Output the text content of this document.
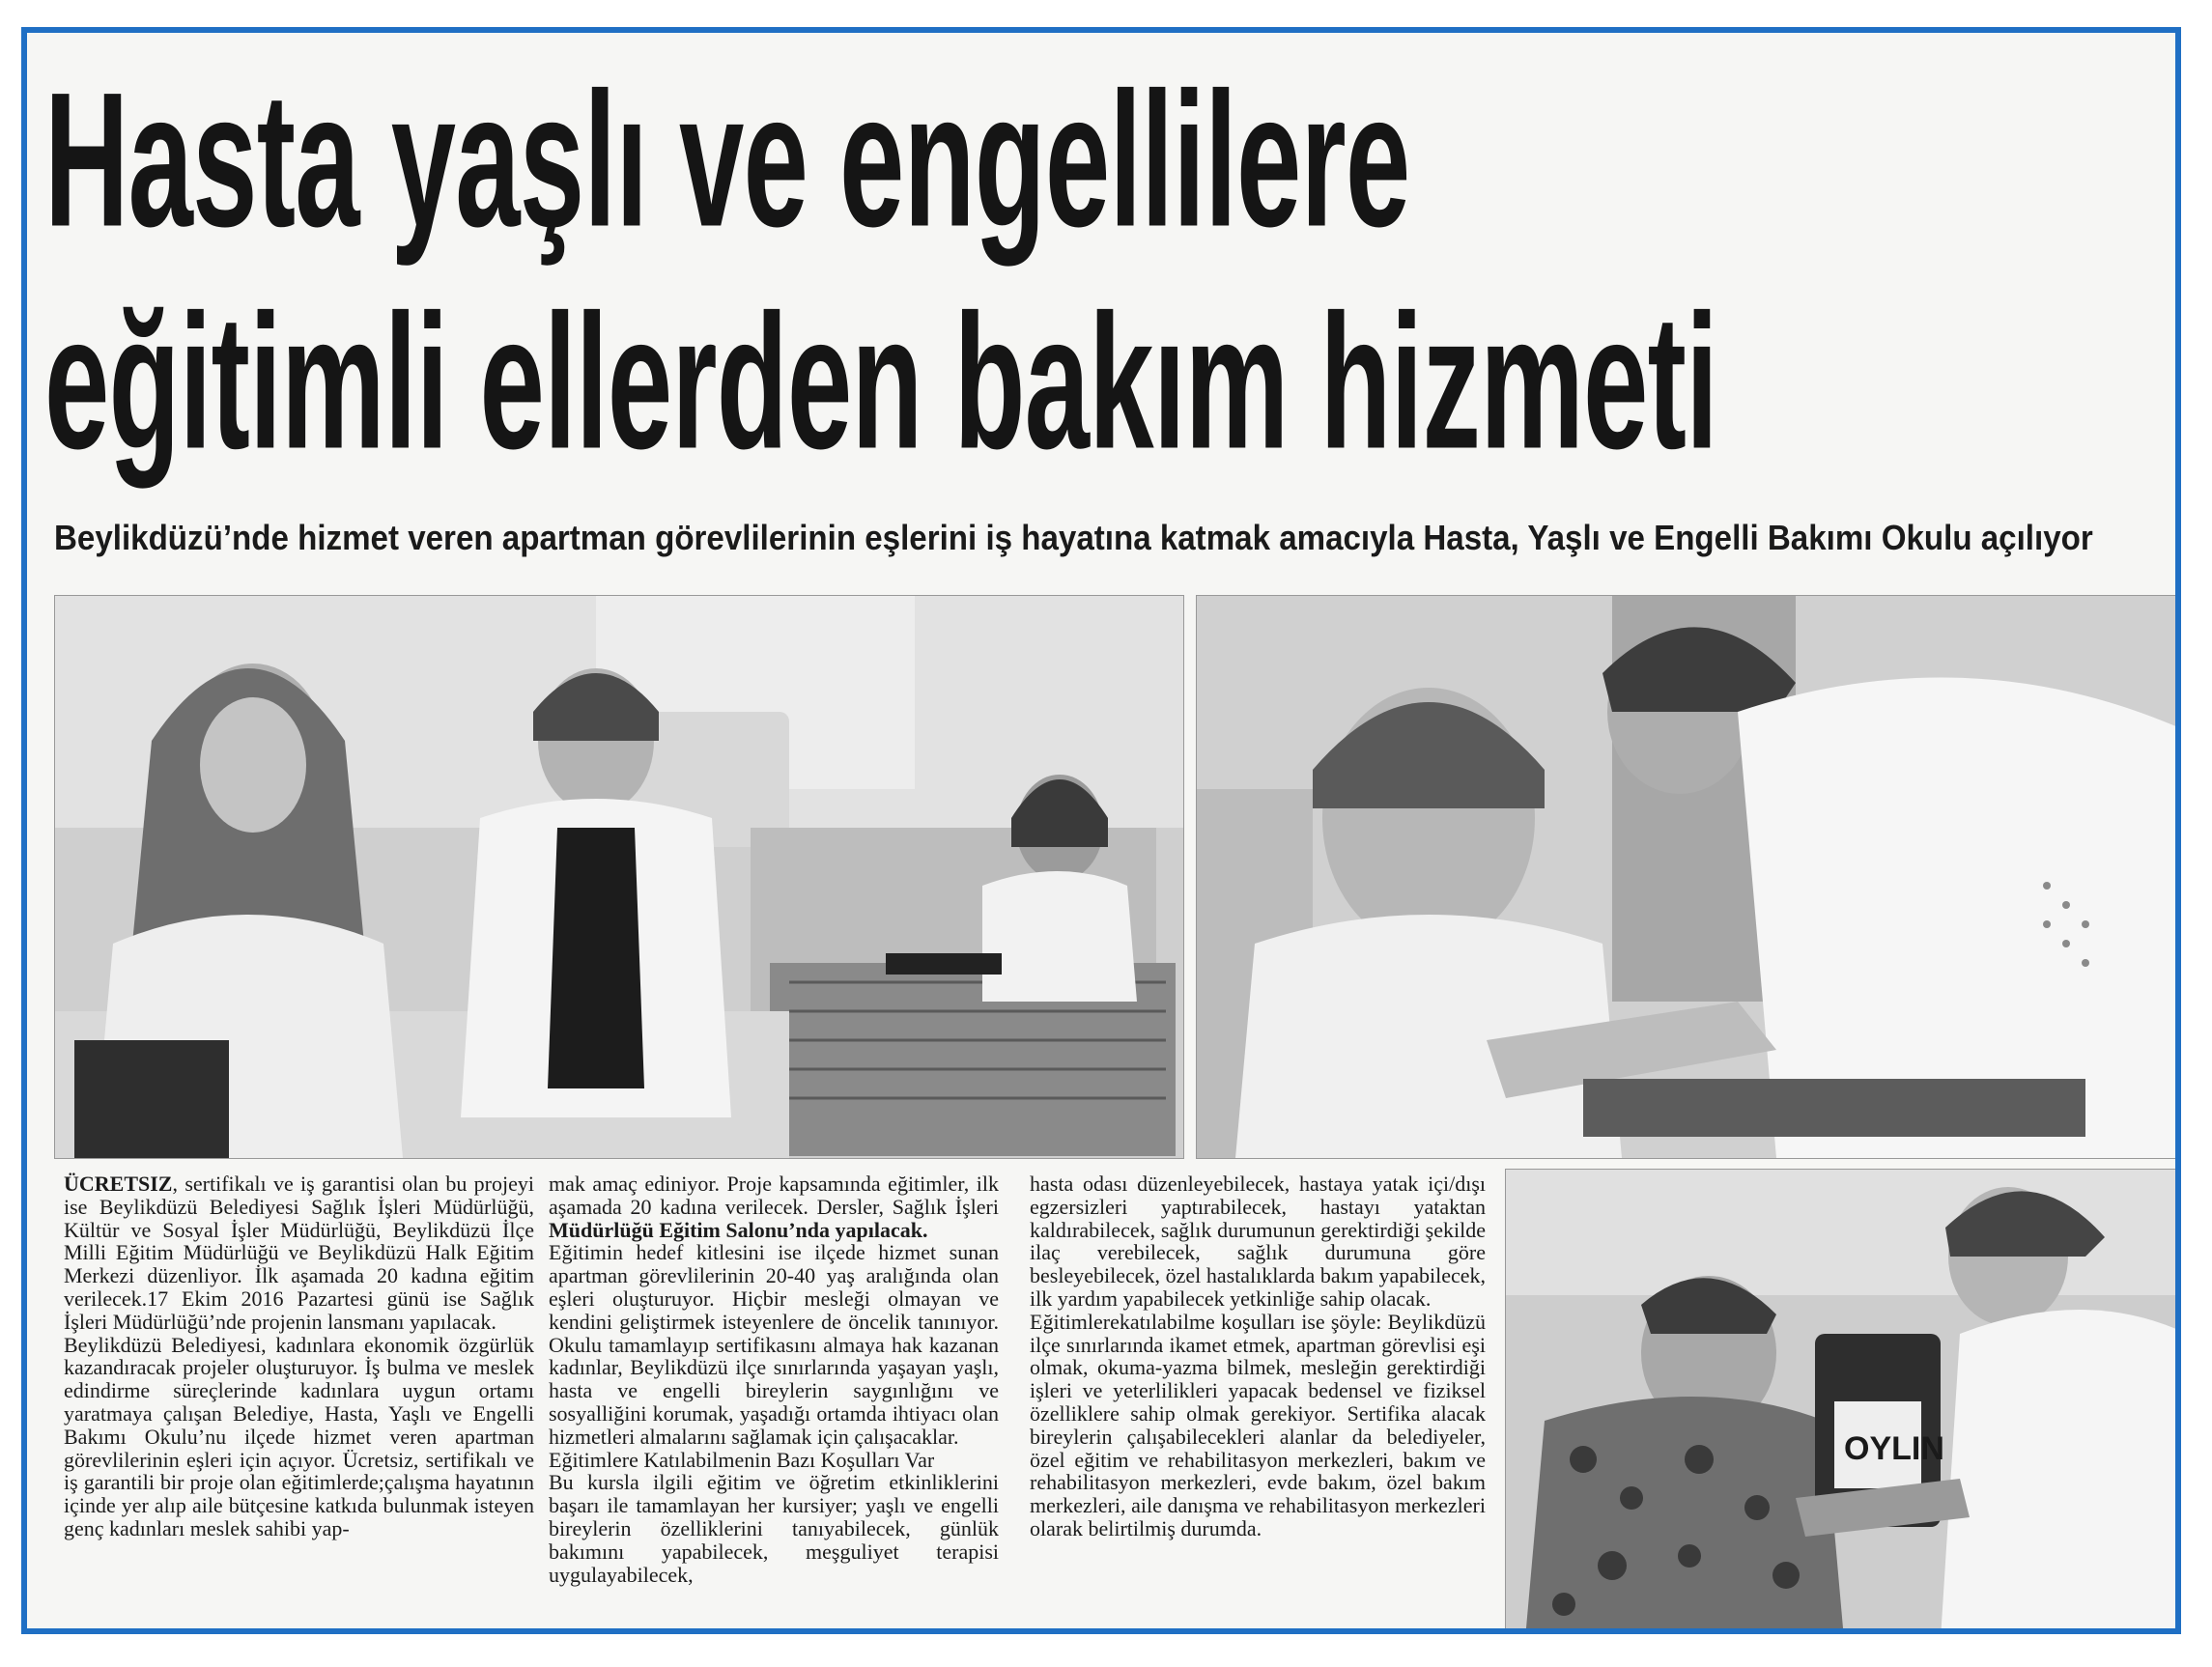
Hasta yaşlı ve engellilere
eğitimli ellerden bakım hizmeti
Beylikdüzü’nde hizmet veren apartman görevlilerinin eşlerini iş hayatına katmak amacıyla Hasta, Yaşlı ve Engelli Bakımı Okulu açılıyor
OYLIN

ÜCRETSIZ, sertifikalı ve iş garantisi olan bu projeyi ise Beylikdüzü Belediyesi Sağlık İşleri Müdürlüğü, Kültür ve Sosyal İşler Müdürlüğü, Beylikdüzü İlçe Milli Eğitim Müdürlüğü ve Beylikdüzü Halk Eğitim Merkezi düzenliyor. İlk aşamada 20 kadına eğitim verilecek.17 Ekim 2016 Pazartesi günü ise Sağlık İşleri Müdürlüğü’nde projenin lansmanı yapılacak.

Beylikdüzü Belediyesi, kadınlara ekonomik özgürlük kazandıracak projeler oluşturuyor. İş bulma ve meslek edindirme süreçlerinde kadınlara uygun ortamı yaratmaya çalışan Belediye, Hasta, Yaşlı ve Engelli Bakımı Okulu’nu ilçede hizmet veren apartman görevlilerinin eşleri için açıyor. Ücretsiz, sertifikalı ve iş garantili bir proje olan eğitimlerde;çalışma hayatının içinde yer alıp aile bütçesine katkıda bulunmak isteyen genç kadınları meslek sahibi yap-

mak amaç ediniyor. Proje kapsamında eğitimler, ilk aşamada 20 kadına verilecek. Dersler, Sağlık İşleri Müdürlüğü Eğitim Salonu’nda yapılacak.

Eğitimin hedef kitlesini ise ilçede hizmet sunan apartman görevlilerinin 20-40 yaş aralığında olan eşleri oluşturuyor. Hiçbir mesleği olmayan ve kendini geliştirmek isteyenlere de öncelik tanınıyor. Okulu tamamlayıp sertifikasını almaya hak kazanan kadınlar, Beylikdüzü ilçe sınırlarında yaşayan yaşlı, hasta ve engelli bireylerin saygınlığını ve sosyalliğini korumak, yaşadığı ortamda ihtiyacı olan hizmetleri almalarını sağlamak için çalışacaklar.

Eğitimlere Katılabilmenin Bazı Koşulları Var

Bu kursla ilgili eğitim ve öğretim etkinliklerini başarı ile tamamlayan her kursiyer; yaşlı ve engelli bireylerin özelliklerini tanıyabilecek, günlük bakımını yapabilecek, meşguliyet terapisi uygulayabilecek,

hasta odası düzenleyebilecek, hastaya yatak içi/dışı egzersizleri yaptırabilecek, hastayı yataktan kaldırabilecek, sağlık durumunun gerektirdiği şekilde ilaç verebilecek, sağlık durumuna göre besleyebilecek, özel hastalıklarda bakım yapabilecek, ilk yardım yapabilecek yetkinliğe sahip olacak.

Eğitimlerekatılabilme koşulları ise şöyle: Beylikdüzü ilçe sınırlarında ikamet etmek, apartman görevlisi eşi olmak, okuma-yazma bilmek, mesleğin gerektirdiği işleri ve yeterlilikleri yapacak bedensel ve fiziksel özelliklere sahip olmak gerekiyor. Sertifika alacak bireylerin çalışabilecekleri alanlar da belediyeler, özel eğitim ve rehabilitasyon merkezleri, bakım ve rehabilitasyon merkezleri, evde bakım, özel bakım merkezleri, aile danışma ve rehabilitasyon merkezleri olarak belirtilmiş durumda.
